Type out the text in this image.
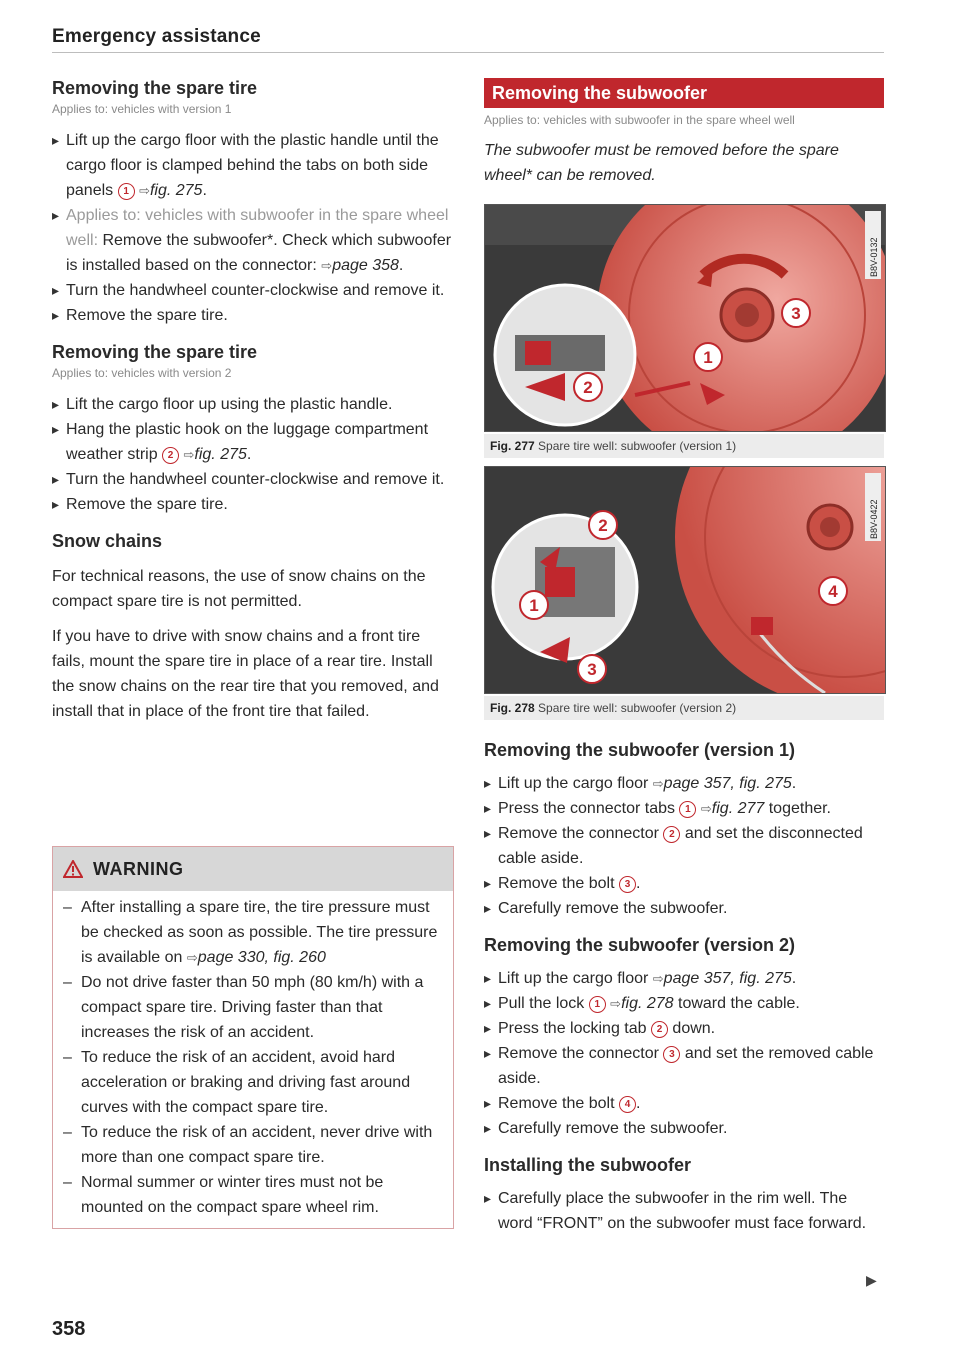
Emergency assistance
Removing the spare tire
Applies to: vehicles with version 1
▸ Lift up the cargo floor with the plastic handle until the cargo floor is clamped behind the tabs on both side panels 1 ⇨fig. 275.
▸ Applies to: vehicles with subwoofer in the spare wheel well: Remove the subwoofer*. Check which subwoofer is installed based on the connector: ⇨page 358.
▸ Turn the handwheel counter-clockwise and remove it.
▸ Remove the spare tire.
Removing the spare tire
Applies to: vehicles with version 2
▸ Lift the cargo floor up using the plastic handle.
▸ Hang the plastic hook on the luggage compartment weather strip 2 ⇨fig. 275.
▸ Turn the handwheel counter-clockwise and remove it.
▸ Remove the spare tire.
Snow chains
For technical reasons, the use of snow chains on the compact spare tire is not permitted.
If you have to drive with snow chains and a front tire fails, mount the spare tire in place of a rear tire. Install the snow chains on the rear tire that you removed, and install that in place of the front tire that failed.
WARNING
– After installing a spare tire, the tire pressure must be checked as soon as possible. The tire pressure is available on ⇨page 330, fig. 260
– Do not drive faster than 50 mph (80 km/h) with a compact spare tire. Driving faster than that increases the risk of an accident.
– To reduce the risk of an accident, avoid hard acceleration or braking and driving fast around curves with the compact spare tire.
– To reduce the risk of an accident, never drive with more than one compact spare tire.
– Normal summer or winter tires must not be mounted on the compact spare wheel rim.
358
Removing the subwoofer
Applies to: vehicles with subwoofer in the spare wheel well
The subwoofer must be removed before the spare wheel* can be removed.
B8V-0132
3
1
2
Fig. 277 Spare tire well: subwoofer (version 1)
B8V-0422
2
1
3
4
Fig. 278 Spare tire well: subwoofer (version 2)
Removing the subwoofer (version 1)
▸ Lift up the cargo floor ⇨page 357, fig. 275.
▸ Press the connector tabs 1 ⇨fig. 277 together.
▸ Remove the connector 2 and set the disconnected cable aside.
▸ Remove the bolt 3 .
▸ Carefully remove the subwoofer.
Removing the subwoofer (version 2)
▸ Lift up the cargo floor ⇨page 357, fig. 275.
▸ Pull the lock 1 ⇨fig. 278 toward the cable.
▸ Press the locking tab 2 down.
▸ Remove the connector 3 and set the removed cable aside.
▸ Remove the bolt 4 .
▸ Carefully remove the subwoofer.
Installing the subwoofer
▸ Carefully place the subwoofer in the rim well. The word “FRONT” on the subwoofer must face forward.
▶
